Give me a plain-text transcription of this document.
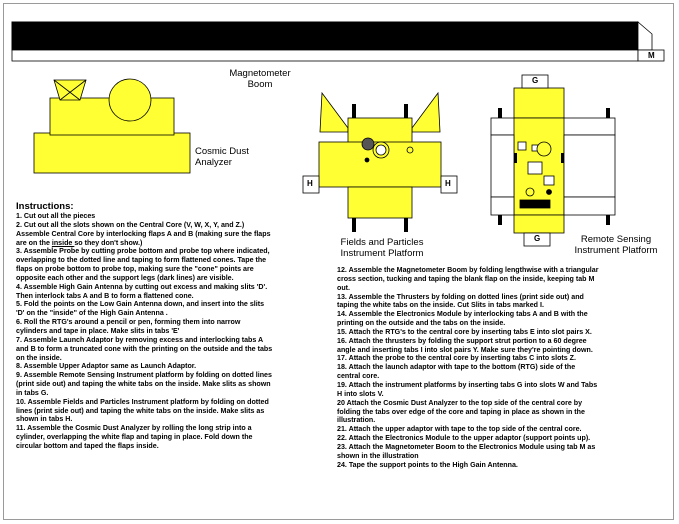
Magnetometer
Boom
Cosmic Dust
Analyzer
Fields and Particles
Instrument Platform
Remote Sensing
Instrument Platform
M
G
G
H	H
Instructions:
1. Cut out all the pieces
2. Cut out all the slots shown on the Central Core (V, W, X, Y, and Z.)
Assemble Central Core by interlocking flaps A and B (making sure the flaps
are on the inside so they don't show.)
3. Assemble Probe by cutting probe bottom and probe top where indicated,
overlapping to the dotted line and taping to form flattened cones. Tape the
flaps on probe bottom to probe top, making sure the "cone" points are
opposite each other and the support legs (dark lines) are visible.
4. Assemble High Gain Antenna by cutting out excess and making slits 'D'.
Then interlock tabs A and B to form a flattened cone.
5. Fold the points on the Low Gain Antenna down, and insert into the slits
'D' on the "inside" of the High Gain Antenna .
6. Roll the RTG's around a pencil or pen, forming them into narrow
cylinders and tape in place. Make slits in tabs 'E'
7. Assemble Launch Adaptor by removing excess and interlocking tabs A
and B to form a truncated cone with the printing on the outside and the tabs
on the inside.
8. Assemble Upper Adaptor same as Launch Adaptor.
9. Assemble Remote Sensing Instrument platform by folding on dotted lines
(print side out) and taping the white tabs on the inside. Make slits as shown
in tabs G.
10. Assemble Fields and Particles Instrument platform by folding on dotted
lines (print side out) and taping the white tabs on the inside. Make slits as
shown in tabs H.
11. Assemble the Cosmic Dust Analyzer by rolling the long strip into a
cylinder, overlapping the white flap and taping in place. Fold down the
circular bottom and taped the flaps inside.
12. Assemble the Magnetometer Boom by folding lengthwise with a triangular
cross section, tucking and taping the blank flap on the inside, keeping tab M
out.
13. Assemble the Thrusters by folding on dotted lines (print side out) and
taping the white tabs on the inside. Cut Slits in tabs marked I.
14. Assemble the Electronics Module by interlocking tabs A and B with the
printing on the outside and the tabs on the inside.
15. Attach the RTG's to the central core by inserting tabs E into slot pairs X.
16. Attach the thrusters by folding the support strut portion to a 60 degree
angle and inserting tabs I into slot pairs Y. Make sure they're pointing down.
17. Attach the probe to the central core by inserting tabs C into slots Z.
18. Attach the launch adaptor with tape to the bottom (RTG) side of the
central core.
19. Attach the instrument platforms by inserting tabs G into slots W and Tabs
H into slots V.
20 Attach the Cosmic Dust Analyzer to the top side of the central core by
folding the tabs over edge of the core and taping in place as shown in the
illustration.
21. Attach the upper adaptor with tape to the top side of the central core.
22. Attach the Electronics Module to the upper adaptor (support points up).
23. Attach the Magnetometer Boom to the Electronics Module using tab M as
shown in the illustration
24. Tape the support points to the High Gain Antenna.
